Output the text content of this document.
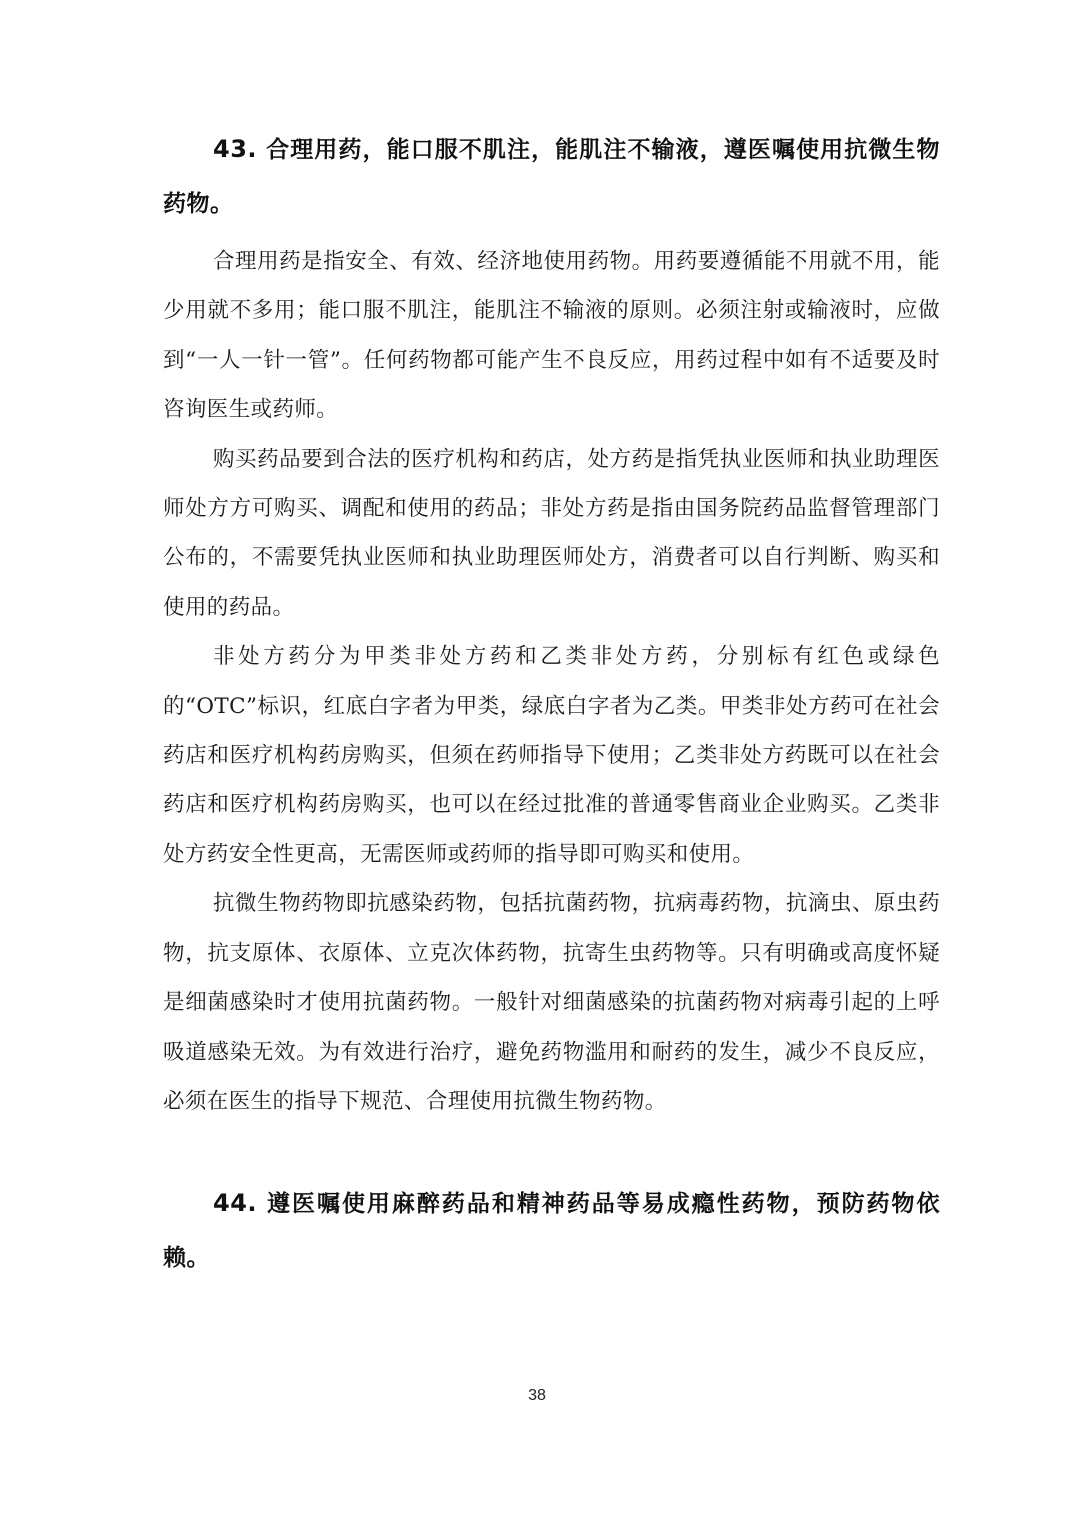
43. 合理用药，能口服不肌注，能肌注不输液，遵医嘱使用抗微生物药物。

合理用药是指安全、有效、经济地使用药物。用药要遵循能不用就不用，能少用就不多用；能口服不肌注，能肌注不输液的原则。必须注射或输液时，应做到“一人一针一管”。任何药物都可能产生不良反应，用药过程中如有不适要及时咨询医生或药师。

购买药品要到合法的医疗机构和药店，处方药是指凭执业医师和执业助理医师处方方可购买、调配和使用的药品；非处方药是指由国务院药品监督管理部门公布的，不需要凭执业医师和执业助理医师处方，消费者可以自行判断、购买和使用的药品。

非处方药分为甲类非处方药和乙类非处方药，分别标有红色或绿色的“OTC”标识，红底白字者为甲类，绿底白字者为乙类。甲类非处方药可在社会药店和医疗机构药房购买，但须在药师指导下使用；乙类非处方药既可以在社会药店和医疗机构药房购买，也可以在经过批准的普通零售商业企业购买。乙类非处方药安全性更高，无需医师或药师的指导即可购买和使用。

抗微生物药物即抗感染药物，包括抗菌药物，抗病毒药物，抗滴虫、原虫药物，抗支原体、衣原体、立克次体药物，抗寄生虫药物等。只有明确或高度怀疑是细菌感染时才使用抗菌药物。一般针对细菌感染的抗菌药物对病毒引起的上呼吸道感染无效。为有效进行治疗，避免药物滥用和耐药的发生，减少不良反应，必须在医生的指导下规范、合理使用抗微生物药物。

44. 遵医嘱使用麻醉药品和精神药品等易成瘾性药物，预防药物依赖。
38
